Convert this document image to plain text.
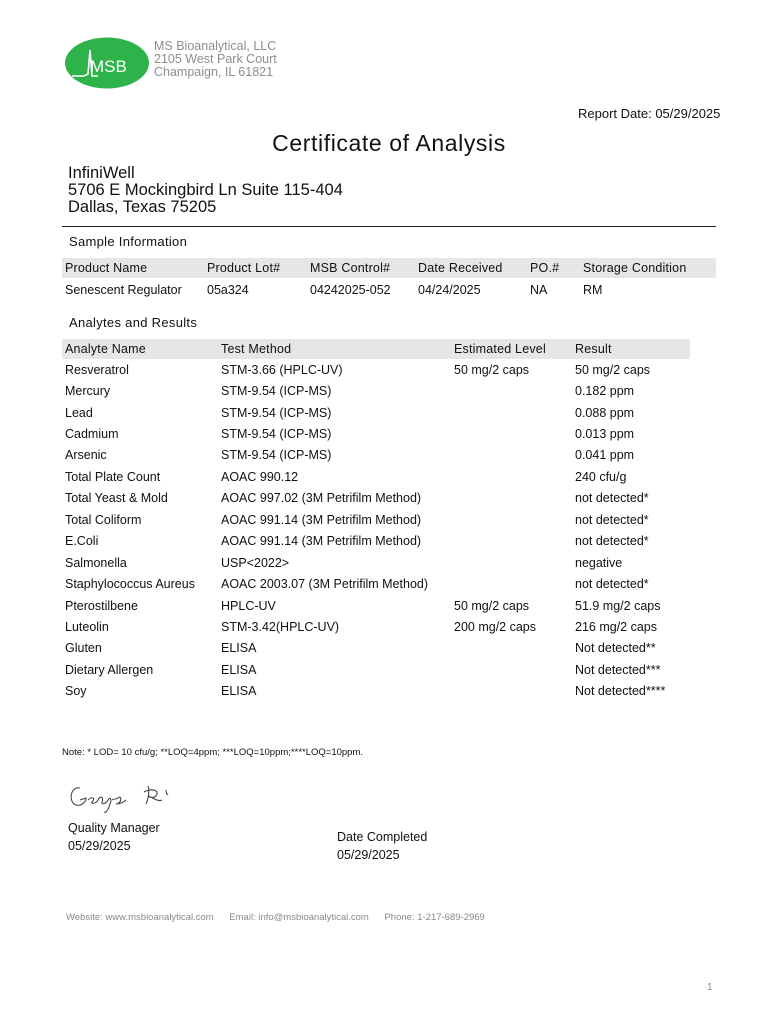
MSB
MS Bioanalytical, LLC
2105 West Park Court
Champaign, IL 61821
Report Date: 05/29/2025
Certificate of Analysis
InfiniWell
5706 E Mockingbird Ln Suite 115-404
Dallas, Texas 75205
Sample Information
Product Name	Product Lot#	MSB Control#	Date Received	PO.#	Storage Condition
Senescent Regulator	05a324	04242025-052	04/24/2025	NA	RM
Analytes and Results
Analyte Name	Test Method	Estimated Level	Result
Resveratrol	STM-3.66 (HPLC-UV)	50 mg/2 caps	50 mg/2 caps
Mercury	STM-9.54 (ICP-MS)		0.182 ppm
Lead	STM-9.54 (ICP-MS)		0.088 ppm
Cadmium	STM-9.54 (ICP-MS)		0.013 ppm
Arsenic	STM-9.54 (ICP-MS)		0.041 ppm
Total Plate Count	AOAC 990.12		240 cfu/g
Total Yeast & Mold	AOAC 997.02 (3M Petrifilm Method)		not detected*
Total Coliform	AOAC 991.14 (3M Petrifilm Method)		not detected*
E.Coli	AOAC 991.14 (3M Petrifilm Method)		not detected*
Salmonella	USP<2022>		negative
Staphylococcus Aureus	AOAC 2003.07 (3M Petrifilm Method)		not detected*
Pterostilbene	HPLC-UV	50 mg/2 caps	51.9 mg/2 caps
Luteolin	STM-3.42(HPLC-UV)	200 mg/2 caps	216 mg/2 caps
Gluten	ELISA		Not detected**
Dietary Allergen	ELISA		Not detected***
Soy	ELISA		Not detected****
Note: * LOD= 10 cfu/g; **LOQ=4ppm; ***LOQ=10ppm;****LOQ=10ppm.
Quality Manager
05/29/2025
Date Completed
05/29/2025
Website: www.msbioanalytical.com Email: info@msbioanalytical.com Phone: 1-217-689-2969
1
